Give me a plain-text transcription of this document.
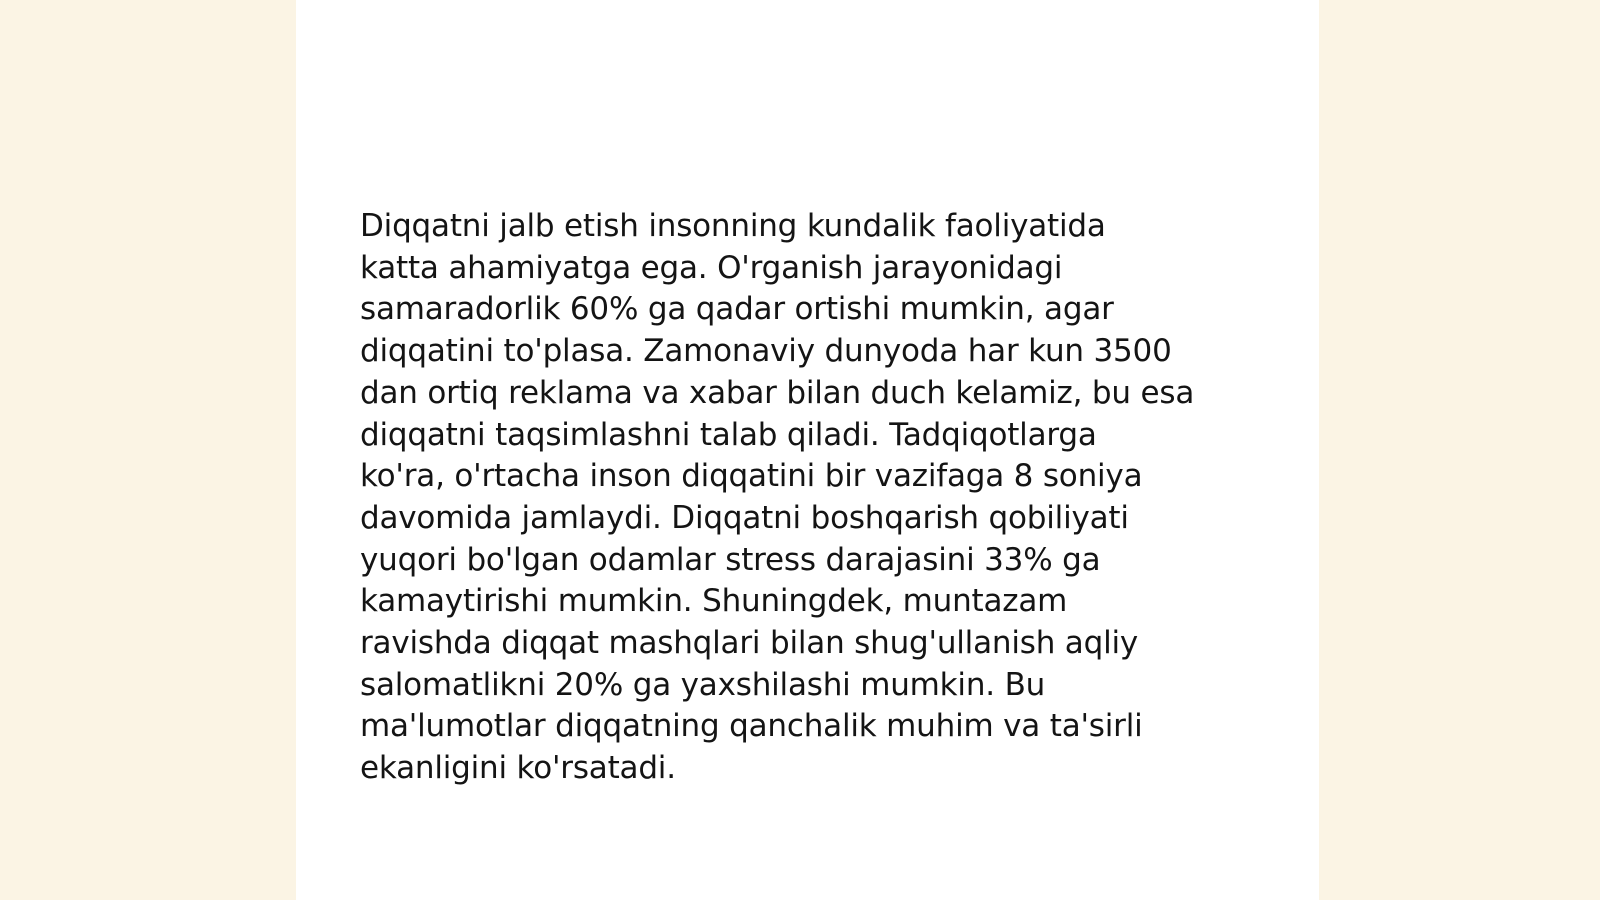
Diqqatni jalb etish insonning kundalik faoliyatida
katta ahamiyatga ega. O'rganish jarayonidagi
samaradorlik 60% ga qadar ortishi mumkin, agar
diqqatini to'plasa. Zamonaviy dunyoda har kun 3500
dan ortiq reklama va xabar bilan duch kelamiz, bu esa
diqqatni taqsimlashni talab qiladi. Tadqiqotlarga
ko'ra, o'rtacha inson diqqatini bir vazifaga 8 soniya
davomida jamlaydi. Diqqatni boshqarish qobiliyati
yuqori bo'lgan odamlar stress darajasini 33% ga
kamaytirishi mumkin. Shuningdek, muntazam
ravishda diqqat mashqlari bilan shug'ullanish aqliy
salomatlikni 20% ga yaxshilashi mumkin. Bu
ma'lumotlar diqqatning qanchalik muhim va ta'sirli
ekanligini ko'rsatadi.
